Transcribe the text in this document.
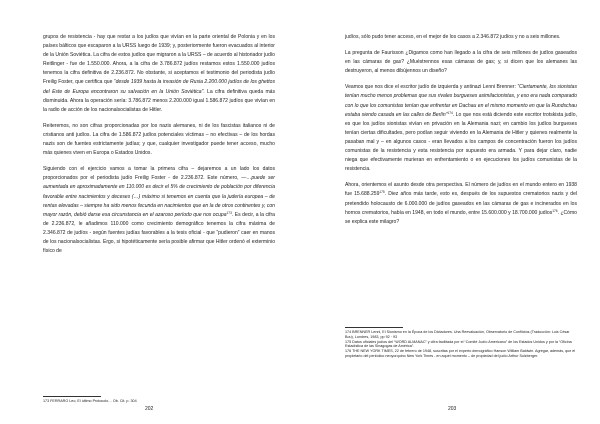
grupos de resistencia - hay que restar a los judíos que vivían en la parte oriental de Polonia y en los países bálticos que escaparon a la URSS luego de 1939; y, posteriormente fueron evacuados al interior de la Unión Soviética. La cifra de estos judíos que migraron a la URSS – de acuerdo al historiador judío Reitlinger - fue de 1.550.000. Ahora, a la cifra de 3.786.872 judíos restamos estos 1.550.000 judíos tenemos la cifra definitiva de 2.236.872. No obstante, si aceptamos el testimonio del periodista judío Freilig Foster, que certifica que “desde 1939 hasta la invasión de Rusia 2.200.000 judíos de los ghettos del Este de Europa encontraron su salvación en la Unión Soviética”. La cifra definitiva queda más disminuida. Ahora la operación sería: 3.786.872 menos 2.200.000 igual 1.586.872 judíos que vivían en la radio de acción de los nacionalsocialistas de Hitler.

Reiteremos, no son cifras proporcionadas por los nazis alemanes, ni de los fascistas italianos ni de cristianos anti judíos. La cifra de 1.586.872 judíos potenciales víctimas – no efectivas – de los hordas nazis son de fuentes estrictamente judías; y que, cualquier investigador puede tener acceso, mucho más quienes viven en Europa o Estados Unidos.

Siguiendo con el ejercicio vamos a tomar la primera cifra – dejaremos a un lado los datos proporcionados por el periodista judío Freilig Foster - de 2.236.872. Este número, —…puede ser aumentada en aproximadamente en 110.000 es decir el 5% de crecimiento de población por diferencia favorable entre nacimientos y deceses (…) máximo si tenemos en cuenta que la judería europea – de rentas elevadas – siempre ha sido menos fecunda en nacimientos que en la de otros continentes y, con mayor razón, debió darse esa circunstancia en el azaroso período que nos ocupa$^{173}$. Es decir, a la cifra de 2.236.872, le añadimos 110.000 como crecimiento demográfico tenemos la cifra máxima de 2.346.872 de judíos - según fuentes judías favorables a la tesis oficial - que “pudieron” caer en manos de los nacionalsocialistas. Ergo, si hipotéticamente sería posible afirmar que Hitler ordenó el exterminio físico de

173 FERRARO Leo, El último Protocolo… Ob. Cit. p. 304

202

judíos, sólo pudo tener acceso, en el mejor de los casos a 2.346.872 judíos y no a seis millones.

La pregunta de Faurisson ¿Digamos como han llegado a la cifra de seis millones de judíos gaseados en las cámaras de gas? ¿Muéstrennos esas cámaras de gas; y, si dicen que los alemanes las destruyeron, al menos dibújennos un diseño?

Veamos que nos dice el escritor judío de izquierda y antinazi Lenni Brenner: “Ciertamente, los sionistas tenían mucho menos problemas que sus rivales burgueses asimilacionistas, y eso era nada comparado con lo que los comunistas tenían que enfrentar en Dachau en el mismo momento en que la Rundschau estaba siendo casada en las calles de Berlín”$^{174}$. Lo que nos está diciendo este escritor trotskista judío, es que los judíos sionistas vivían en privación en la Alemania nazi; en cambio los judíos burgueses tenían ciertas dificultades, pero podían seguir viviendo en la Alemania de Hitler y quienes realmente la pasaban mal y – en algunos casos - eran llevados a los campos de concentración fueron los judíos comunistas de la resistencia y esta resistencia por supuesto era armada. Y para dejar claro, nadie niega que efectivamente murieran en enfrentamiento o en ejecuciones los judíos comunistas de la resistencia.

Ahora, orientemos el asunto desde otra perspectiva. El número de judíos en el mundo entero en 1938 fue 15.688.259$^{175}$. Diez años más tarde, esto es, después de los supuestos crematorios nazis y del pretendido holocausto de 6.000.000 de judíos gaseados en las cámaras de gas e incinerados en los hornos crematorios, había en 1948, en todo el mundo, entre 15.600.000 y 18.700.000 judíos$^{176}$. ¿Cómo se explica este milagro?

174 BRENNER Lenni, El Sionismo en la Época de los Dictadores. Una Reevaluación, Observatorio de Conflictos (Traducción: Luis César Bou), Londres, 1983, pp 92 · 93

175 Datos oficiales judíos del “WORD ALMANAC” y cifra facilitada por el “Comité Judío Americano” de los Estados Unidos y por la “Oficina Estadística de las Sinagogas de América”.

176 THE NEW YORK TIMES, 22 de febrero de 1948, suscritas por el experto demográfico Hanson William Baldwin. Agregar, además, que el propietario del periódico neoyorquino New York Times - en aquel momento – de propiedad del judío Arthur Sulzberger.

203
